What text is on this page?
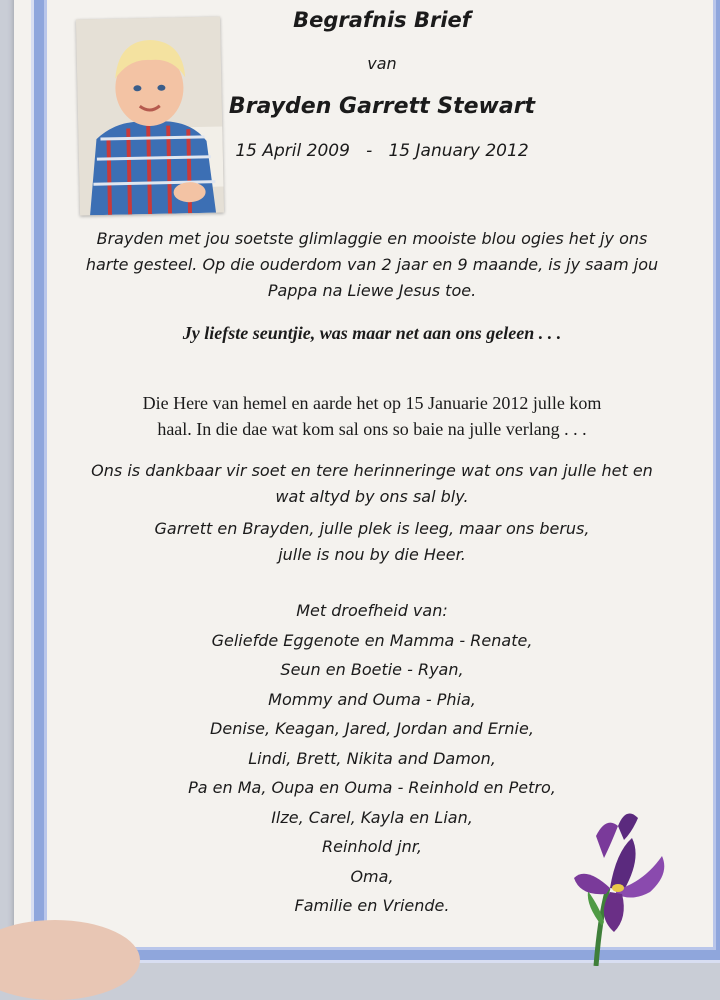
Begrafnis Brief
van
Brayden Garrett Stewart
15 April 2009 - 15 January 2012
Brayden met jou soetste glimlaggie en mooiste blou ogies het jy ons
harte gesteel. Op die ouderdom van 2 jaar en 9 maande, is jy saam jou
Pappa na Liewe Jesus toe.
Jy liefste seuntjie, was maar net aan ons geleen . . .
Die Here van hemel en aarde het op 15 Januarie 2012 julle kom
haal. In die dae wat kom sal ons so baie na julle verlang . . .
Ons is dankbaar vir soet en tere herinneringe wat ons van julle het en
wat altyd by ons sal bly.
Garrett en Brayden, julle plek is leeg, maar ons berus,
julle is nou by die Heer.
Met droefheid van:
Geliefde Eggenote en Mamma - Renate,
Seun en Boetie - Ryan,
Mommy and Ouma - Phia,
Denise, Keagan, Jared, Jordan and Ernie,
Lindi, Brett, Nikita and Damon,
Pa en Ma, Oupa en Ouma - Reinhold en Petro,
Ilze, Carel, Kayla en Lian,
Reinhold jnr,
Oma,
Familie en Vriende.
